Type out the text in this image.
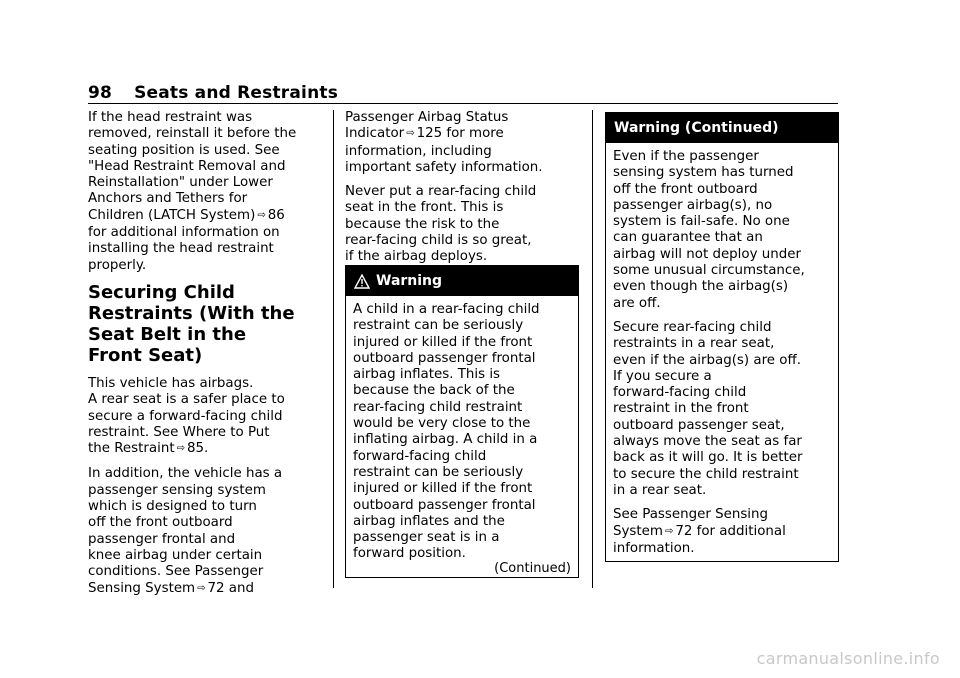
98 Seats and Restraints

If the head restraint was
removed, reinstall it before the
seating position is used. See
"Head Restraint Removal and
Reinstallation" under Lower
Anchors and Tethers for
Children (LATCH System) ⇨ 86
for additional information on
installing the head restraint
properly.

Securing Child
Restraints (With the
Seat Belt in the
Front Seat)

This vehicle has airbags.
A rear seat is a safer place to
secure a forward-facing child
restraint. See Where to Put
the Restraint ⇨ 85.

In addition, the vehicle has a
passenger sensing system
which is designed to turn
off the front outboard
passenger frontal and
knee airbag under certain
conditions. See Passenger
Sensing System ⇨ 72 and

Passenger Airbag Status
Indicator ⇨ 125 for more
information, including
important safety information.

Never put a rear-facing child
seat in the front. This is
because the risk to the
rear-facing child is so great,
if the airbag deploys.

Warning

A child in a rear-facing child
restraint can be seriously
injured or killed if the front
outboard passenger frontal
airbag inflates. This is
because the back of the
rear-facing child restraint
would be very close to the
inflating airbag. A child in a
forward-facing child
restraint can be seriously
injured or killed if the front
outboard passenger frontal
airbag inflates and the
passenger seat is in a
forward position.

(Continued)
Warning (Continued)

Even if the passenger
sensing system has turned
off the front outboard
passenger airbag(s), no
system is fail-safe. No one
can guarantee that an
airbag will not deploy under
some unusual circumstance,
even though the airbag(s)
are off.

Secure rear-facing child
restraints in a rear seat,
even if the airbag(s) are off.
If you secure a
forward-facing child
restraint in the front
outboard passenger seat,
always move the seat as far
back as it will go. It is better
to secure the child restraint
in a rear seat.

See Passenger Sensing
System ⇨ 72 for additional
information.

carmanualsonline.info
